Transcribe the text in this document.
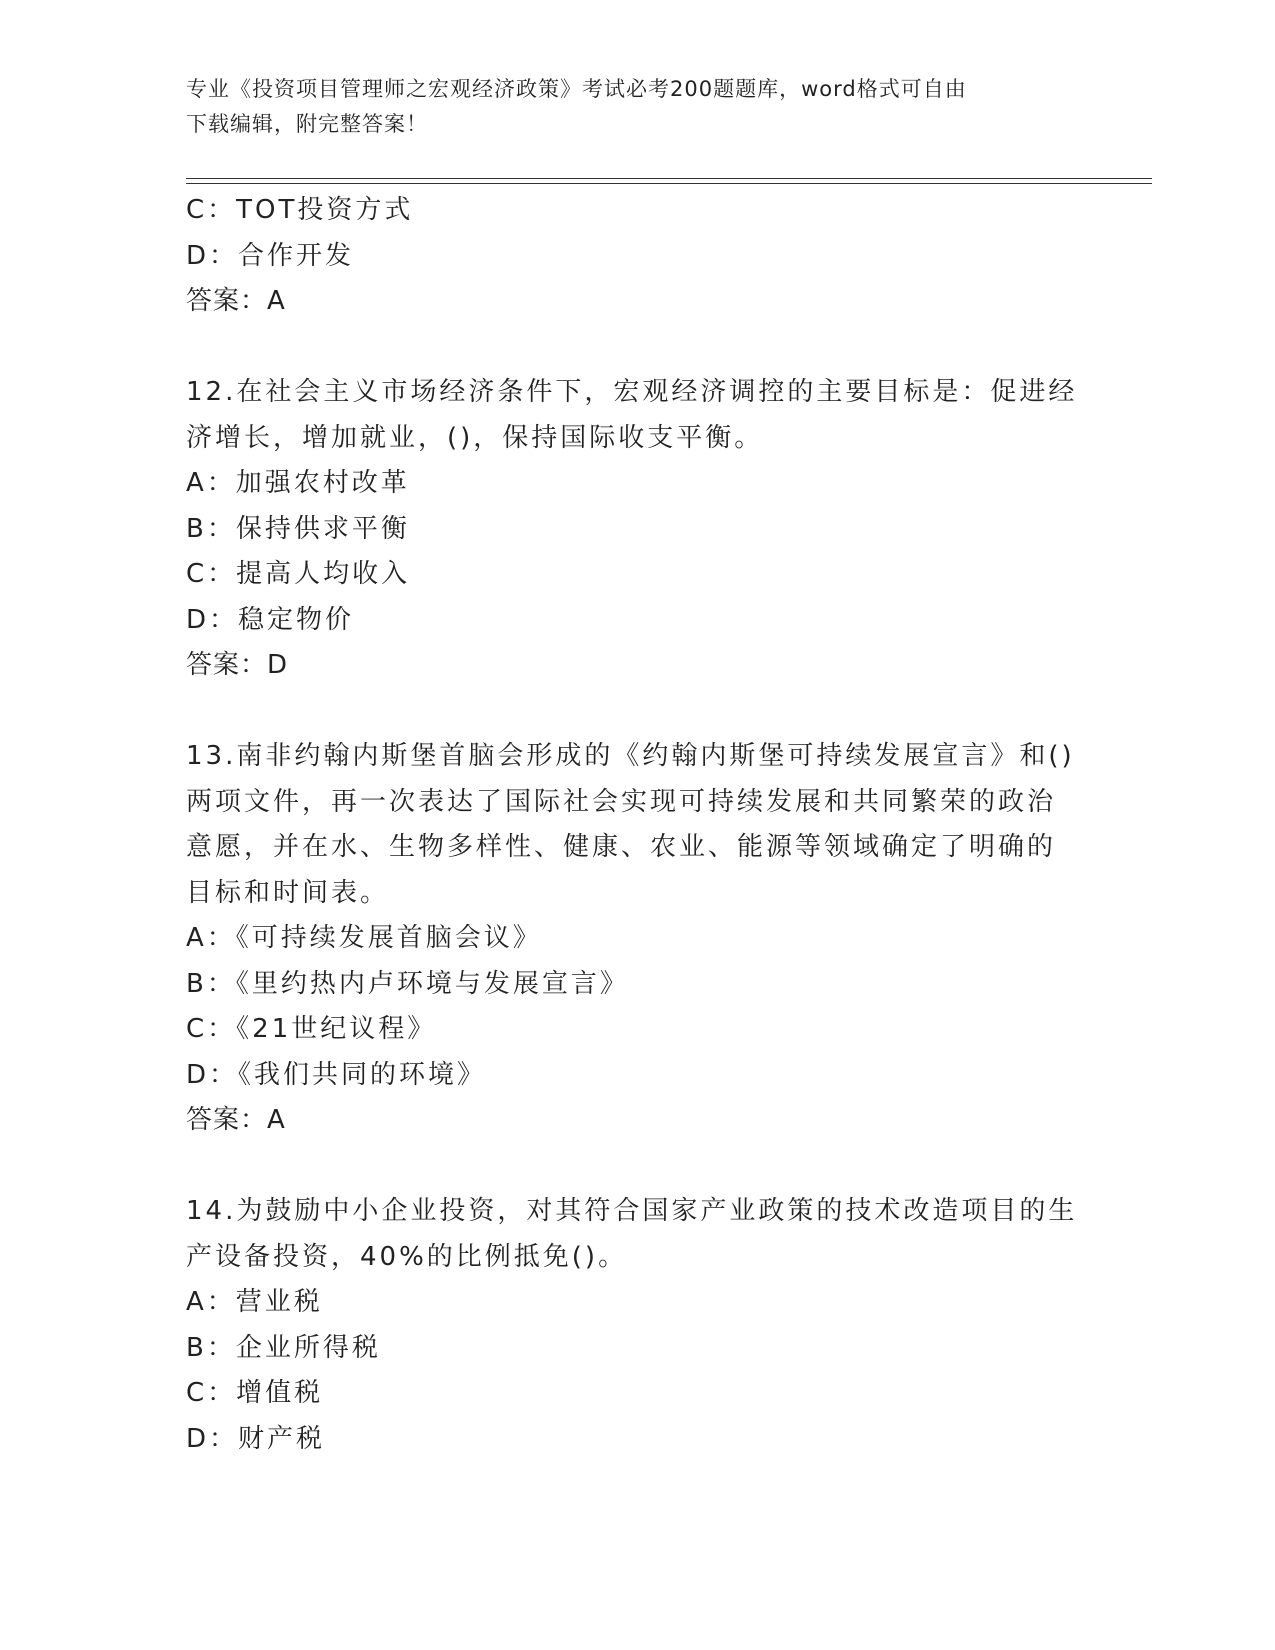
专业《投资项目管理师之宏观经济政策》考试必考200题题库，word格式可自由
下载编辑，附完整答案！
C：TOT投资方式
D：合作开发
答案：A
12.在社会主义市场经济条件下，宏观经济调控的主要目标是：促进经
济增长，增加就业，()，保持国际收支平衡。
A：加强农村改革
B：保持供求平衡
C：提高人均收入
D：稳定物价
答案：D
13.南非约翰内斯堡首脑会形成的《约翰内斯堡可持续发展宣言》和()
两项文件，再一次表达了国际社会实现可持续发展和共同繁荣的政治
意愿，并在水、生物多样性、健康、农业、能源等领域确定了明确的
目标和时间表。
A：《可持续发展首脑会议》
B：《里约热内卢环境与发展宣言》
C：《21世纪议程》
D：《我们共同的环境》
答案：A
14.为鼓励中小企业投资，对其符合国家产业政策的技术改造项目的生
产设备投资，40%的比例抵免()。
A：营业税
B：企业所得税
C：增值税
D：财产税
